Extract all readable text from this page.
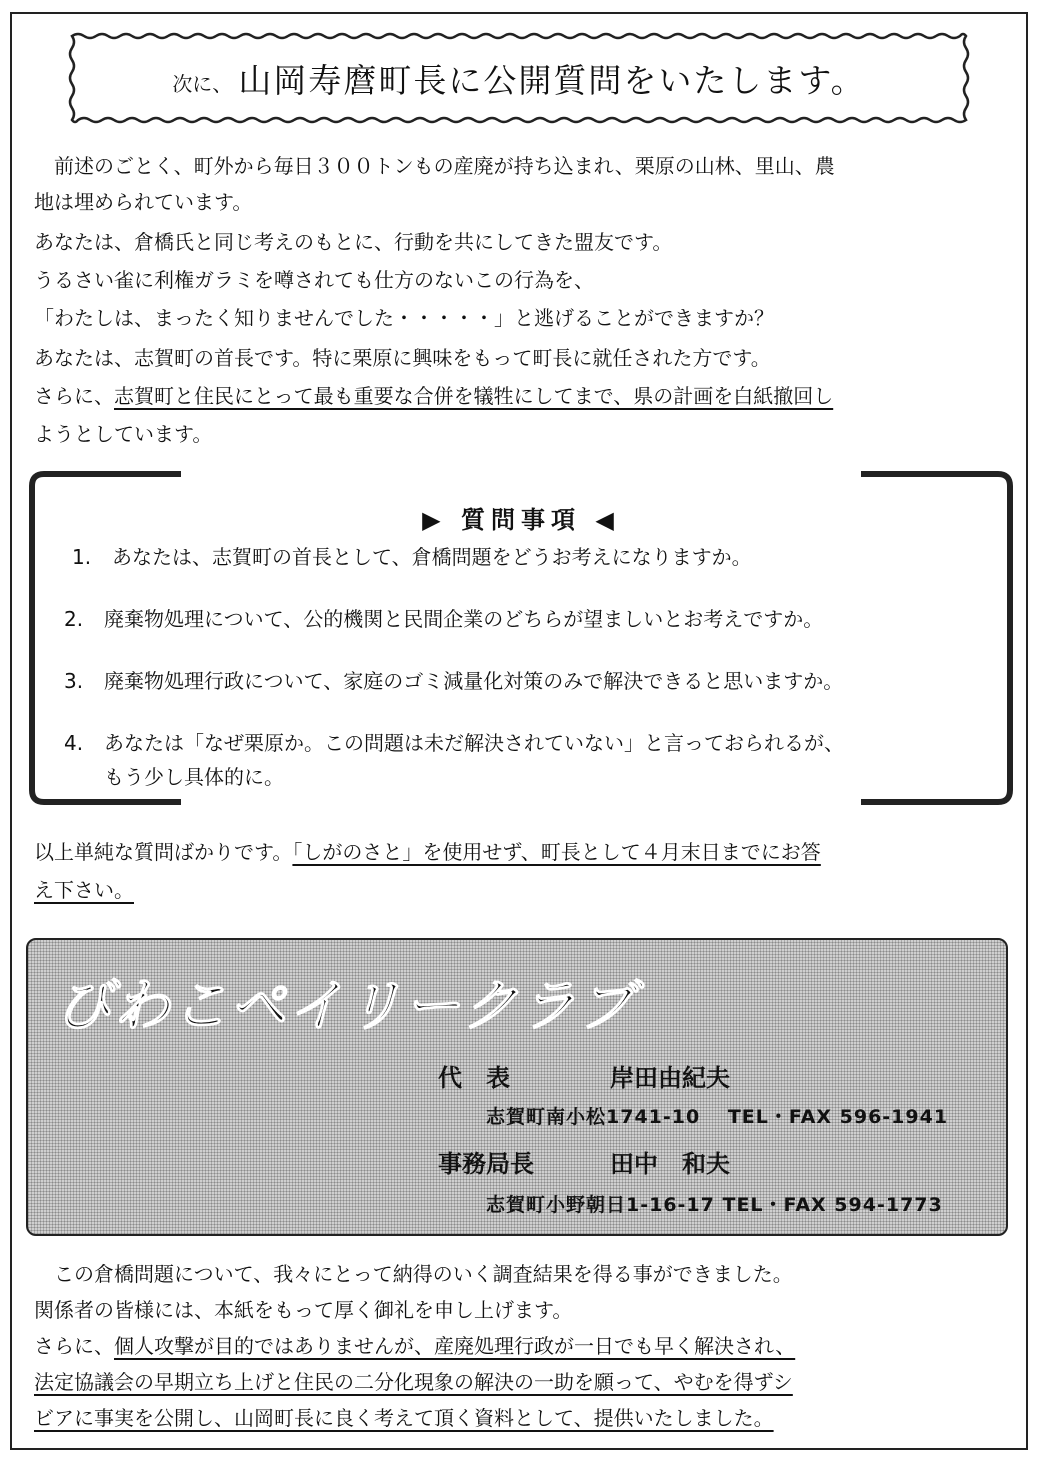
次に、 山岡寿麿町長に公開質問をいたします。
　前述のごとく、町外から毎日３００トンもの産廃が持ち込まれ、栗原の山林、里山、農
地は埋められています。
あなたは、倉橋氏と同じ考えのもとに、行動を共にしてきた盟友です。
うるさい雀に利権ガラミを噂されても仕方のないこの行為を、
「わたしは、まったく知りませんでした・・・・・」と逃げることができますか？
あなたは、志賀町の首長です。特に栗原に興味をもって町長に就任された方です。
さらに、志賀町と住民にとって最も重要な合併を犠牲にしてまで、県の計画を白紙撤回し
ようとしています。
▶ 質問事項 ◀
1. あなたは、志賀町の首長として、倉橋問題をどうお考えになりますか。
2. 廃棄物処理について、公的機関と民間企業のどちらが望ましいとお考えですか。
3. 廃棄物処理行政について、家庭のゴミ減量化対策のみで解決できると思いますか。
4. あなたは「なぜ栗原か。この問題は未だ解決されていない」と言っておられるが、
もう少し具体的に。
以上単純な質問ばかりです。「しがのさと」を使用せず、町長として４月末日までにお答
え下さい。
びわこペイリークラブ
代　表	岸田由紀夫
志賀町南小松1741-10　 TEL・FAX 596-1941
事務局長	田中　和夫
志賀町小野朝日1-16-17 TEL・FAX 594-1773
　この倉橋問題について、我々にとって納得のいく調査結果を得る事ができました。
関係者の皆様には、本紙をもって厚く御礼を申し上げます。
さらに、個人攻撃が目的ではありませんが、産廃処理行政が一日でも早く解決され、
法定協議会の早期立ち上げと住民の二分化現象の解決の一助を願って、やむを得ずシ
ビアに事実を公開し、山岡町長に良く考えて頂く資料として、提供いたしました。
